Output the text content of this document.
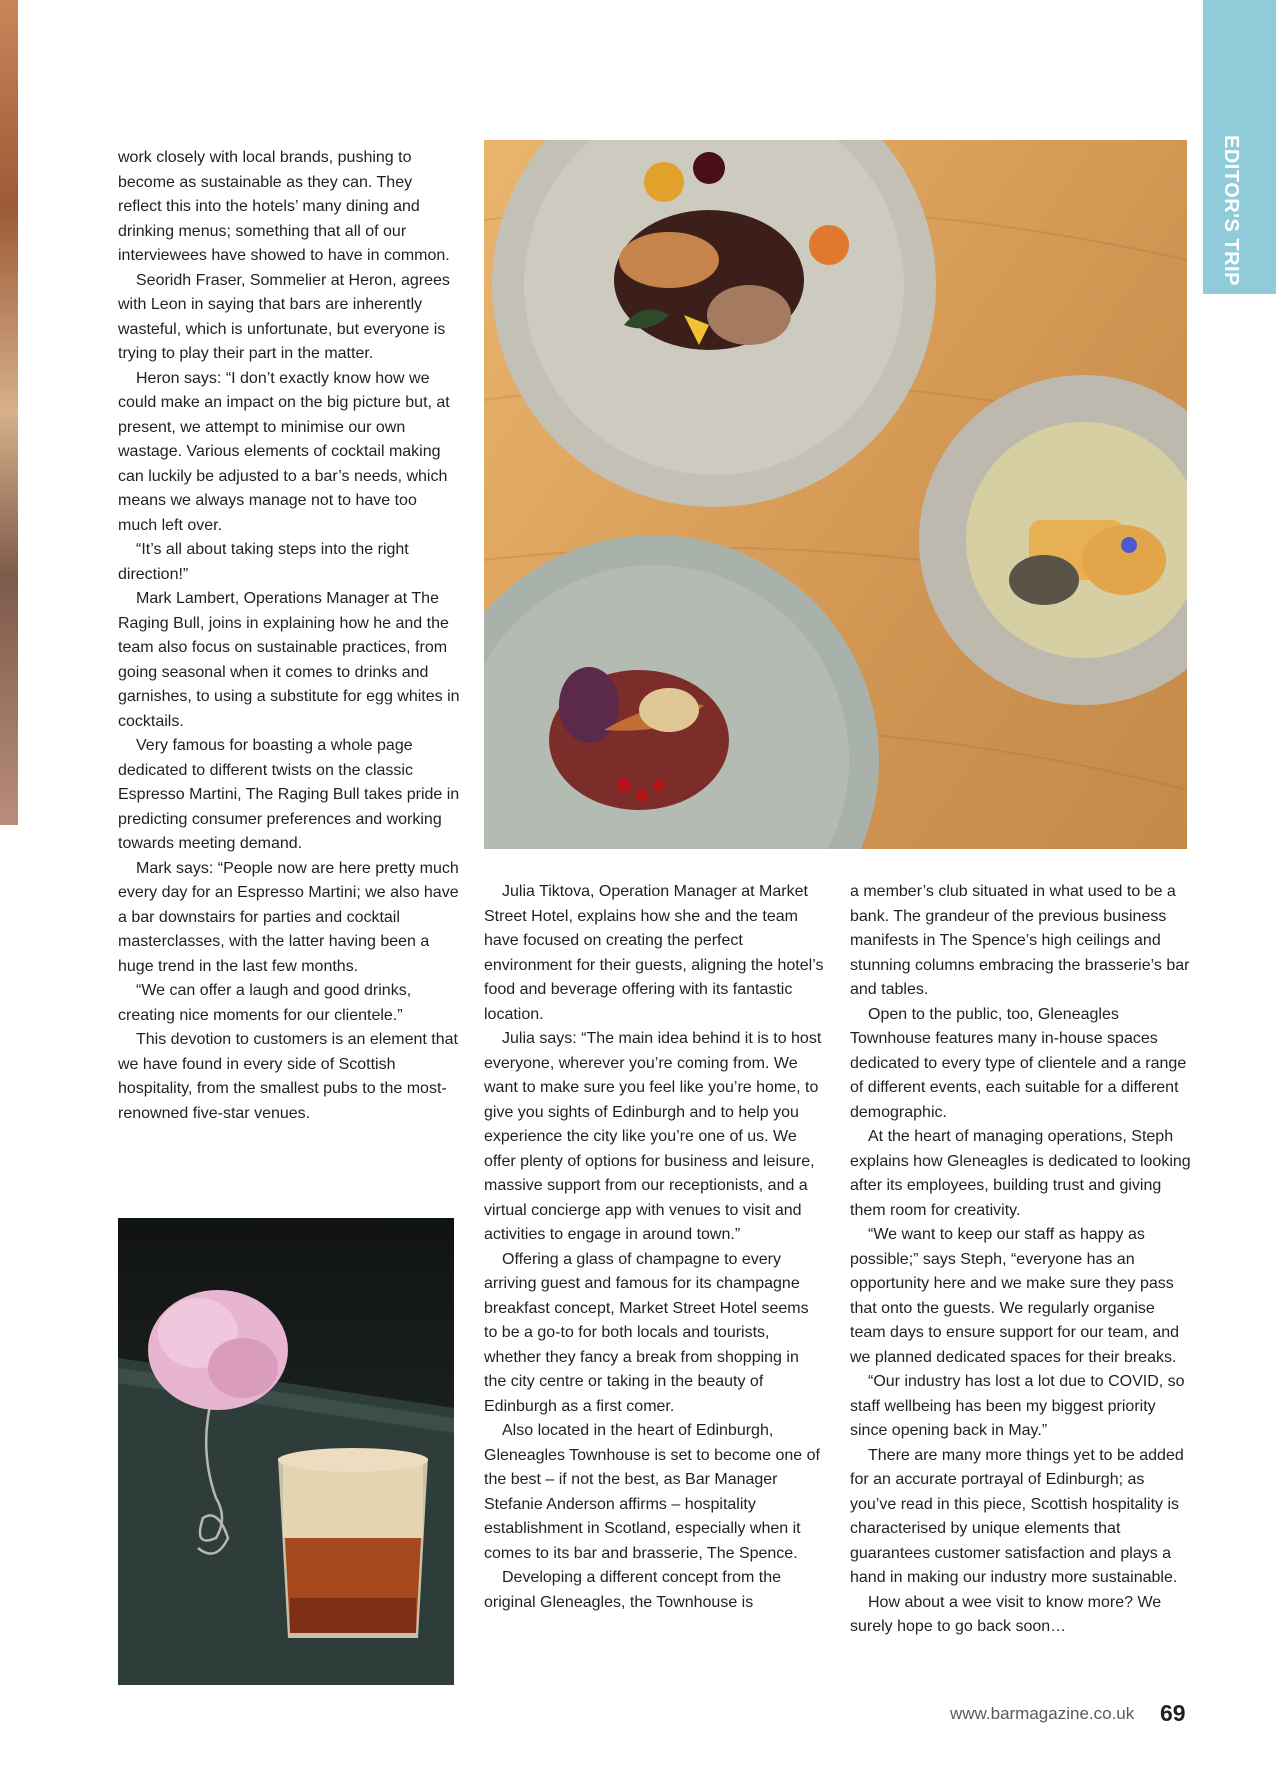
EDITOR'S TRIP

work closely with local brands, pushing to become as sustainable as they can. They reflect this into the hotels’ many dining and drinking menus; something that all of our interviewees have showed to have in common.

Seoridh Fraser, Sommelier at Heron, agrees with Leon in saying that bars are inherently wasteful, which is unfortunate, but everyone is trying to play their part in the matter.

Heron says: “I don’t exactly know how we could make an impact on the big picture but, at present, we attempt to minimise our own wastage. Various elements of cocktail making can luckily be adjusted to a bar’s needs, which means we always manage not to have too much left over.

“It’s all about taking steps into the right direction!”

Mark Lambert, Operations Manager at The Raging Bull, joins in explaining how he and the team also focus on sustainable practices, from going seasonal when it comes to drinks and garnishes, to using a substitute for egg whites in cocktails.

Very famous for boasting a whole page dedicated to different twists on the classic Espresso Martini, The Raging Bull takes pride in predicting consumer preferences and working towards meeting demand.

Mark says: “People now are here pretty much every day for an Espresso Martini; we also have a bar downstairs for parties and cocktail masterclasses, with the latter having been a huge trend in the last few months.

“We can offer a laugh and good drinks, creating nice moments for our clientele.”

This devotion to customers is an element that we have found in every side of Scottish hospitality, from the smallest pubs to the most-renowned five-star venues.

Julia Tiktova, Operation Manager at Market Street Hotel, explains how she and the team have focused on creating the perfect environment for their guests, aligning the hotel’s food and beverage offering with its fantastic location.

Julia says: “The main idea behind it is to host everyone, wherever you’re coming from. We want to make sure you feel like you’re home, to give you sights of Edinburgh and to help you experience the city like you’re one of us. We offer plenty of options for business and leisure, massive support from our receptionists, and a virtual concierge app with venues to visit and activities to engage in around town.”

Offering a glass of champagne to every arriving guest and famous for its champagne breakfast concept, Market Street Hotel seems to be a go-to for both locals and tourists, whether they fancy a break from shopping in the city centre or taking in the beauty of Edinburgh as a first comer.

Also located in the heart of Edinburgh, Gleneagles Townhouse is set to become one of the best – if not the best, as Bar Manager Stefanie Anderson affirms – hospitality establishment in Scotland, especially when it comes to its bar and brasserie, The Spence.

Developing a different concept from the original Gleneagles, the Townhouse is

a member’s club situated in what used to be a bank. The grandeur of the previous business manifests in The Spence’s high ceilings and stunning columns embracing the brasserie’s bar and tables.

Open to the public, too, Gleneagles Townhouse features many in-house spaces dedicated to every type of clientele and a range of different events, each suitable for a different demographic.

At the heart of managing operations, Steph explains how Gleneagles is dedicated to looking after its employees, building trust and giving them room for creativity.

“We want to keep our staff as happy as possible;” says Steph, “everyone has an opportunity here and we make sure they pass that onto the guests. We regularly organise team days to ensure support for our team, and we planned dedicated spaces for their breaks.

“Our industry has lost a lot due to COVID, so staff wellbeing has been my biggest priority since opening back in May.”

There are many more things yet to be added for an accurate portrayal of Edinburgh; as you’ve read in this piece, Scottish hospitality is characterised by unique elements that guarantees customer satisfaction and plays a hand in making our industry more sustainable.

How about a wee visit to know more? We surely hope to go back soon…

www.barmagazine.co.uk 69
